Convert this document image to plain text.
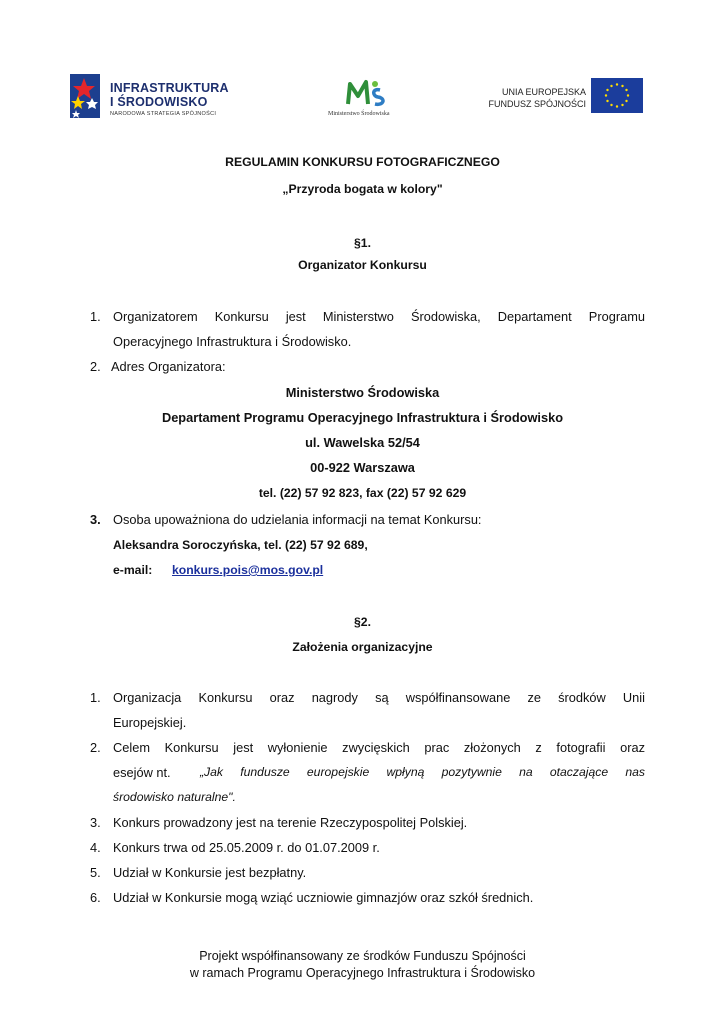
INFRASTRUKTURA
I ŚRODOWISKO
NARODOWA STRATEGIA SPÓJNOŚCI	Ministerstwo Środowiska
UNIA EUROPEJSKA
FUNDUSZ SPÓJNOŚCI
REGULAMIN KONKURSU FOTOGRAFICZNEGO
„Przyroda bogata w kolory"
§1.
Organizator Konkursu
1. Organizatorem Konkursu jest Ministerstwo Środowiska, Departament Programu
Operacyjnego Infrastruktura i Środowisko.
2. Adres Organizatora:
Ministerstwo Środowiska
Departament Programu Operacyjnego Infrastruktura i Środowisko
ul. Wawelska 52/54
00-922 Warszawa
tel. (22) 57 92 823, fax (22) 57 92 629
3. Osoba upoważniona do udzielania informacji na temat Konkursu:
Aleksandra Soroczyńska, tel. (22) 57 92 689,
e-mail: konkurs.pois@mos.gov.pl
§2.
Założenia organizacyjne
1. Organizacja Konkursu oraz nagrody są współfinansowane ze środków Unii
Europejskiej.
2. Celem Konkursu jest wyłonienie zwycięskich prac złożonych z fotografii oraz
esejów nt. „Jak fundusze europejskie wpłyną pozytywnie na otaczające nas
środowisko naturalne".
3. Konkurs prowadzony jest na terenie Rzeczypospolitej Polskiej.
4. Konkurs trwa od 25.05.2009 r. do 01.07.2009 r.
5. Udział w Konkursie jest bezpłatny.
6. Udział w Konkursie mogą wziąć uczniowie gimnazjów oraz szkół średnich.
Projekt współfinansowany ze środków Funduszu Spójności
w ramach Programu Operacyjnego Infrastruktura i Środowisko
